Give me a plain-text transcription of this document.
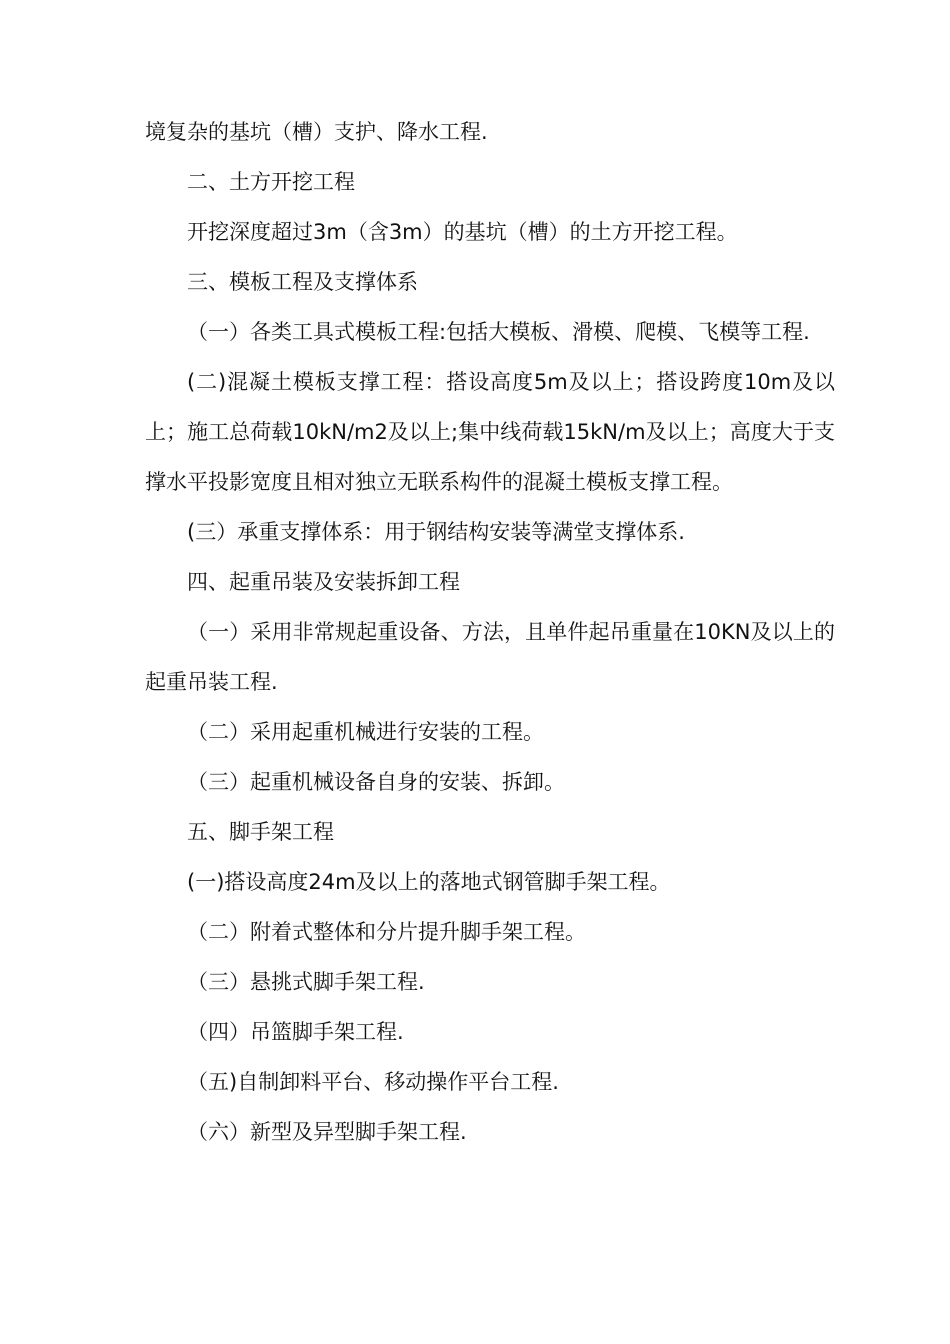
境复杂的基坑（槽）支护、降水工程.

二、土方开挖工程

开挖深度超过3m（含3m）的基坑（槽）的土方开挖工程。

三、模板工程及支撑体系

（一）各类工具式模板工程:包括大模板、滑模、爬模、飞模等工程.

(二)混凝土模板支撑工程：搭设高度5m及以上；搭设跨度10m及以上；施工总荷载10kN/m2及以上;集中线荷载15kN/m及以上；高度大于支撑水平投影宽度且相对独立无联系构件的混凝土模板支撑工程。

(三）承重支撑体系：用于钢结构安装等满堂支撑体系.

四、起重吊装及安装拆卸工程

（一）采用非常规起重设备、方法，且单件起吊重量在10KN及以上的起重吊装工程.

（二）采用起重机械进行安装的工程。

（三）起重机械设备自身的安装、拆卸。

五、脚手架工程

(一)搭设高度24m及以上的落地式钢管脚手架工程。

（二）附着式整体和分片提升脚手架工程。

（三）悬挑式脚手架工程.

（四）吊篮脚手架工程.

（五)自制卸料平台、移动操作平台工程.

（六）新型及异型脚手架工程.
